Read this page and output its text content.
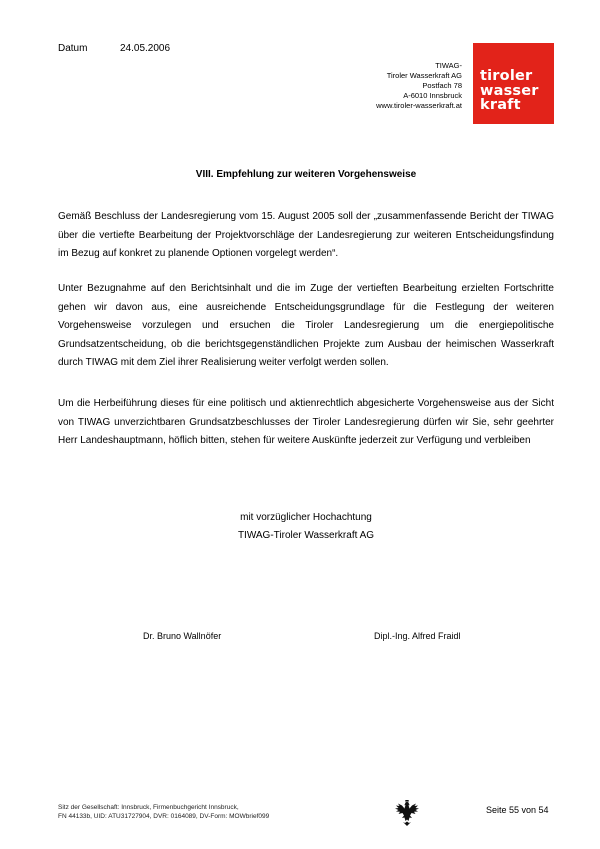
Datum	24.05.2006
TIWAG-
Tiroler Wasserkraft AG
Postfach 78
A-6010 Innsbruck
www.tiroler-wasserkraft.at
tiroler
wasser
kraft
VIII. Empfehlung zur weiteren Vorgehensweise
Gemäß Beschluss der Landesregierung vom 15. August 2005 soll der „zusammenfassende Bericht der TIWAG über die vertiefte Bearbeitung der Projektvorschläge der Landesregierung zur weiteren Entscheidungsfindung im Bezug auf konkret zu planende Optionen vorgelegt werden“.
Unter Bezugnahme auf den Berichtsinhalt und die im Zuge der vertieften Bearbeitung erzielten Fortschritte gehen wir davon aus, eine ausreichende Entscheidungsgrundlage für die Festlegung der weiteren Vorgehensweise vorzulegen und ersuchen die Tiroler Landesregierung um die energiepolitische Grundsatzentscheidung, ob die berichtsgegenständlichen Projekte zum Ausbau der heimischen Wasserkraft durch TIWAG mit dem Ziel ihrer Realisierung weiter verfolgt werden sollen.
Um die Herbeiführung dieses für eine politisch und aktienrechtlich abgesicherte Vorgehensweise aus der Sicht von TIWAG unverzichtbaren Grundsatzbeschlusses der Tiroler Landesregierung dürfen wir Sie, sehr geehrter Herr Landeshauptmann, höflich bitten, stehen für weitere Auskünfte jederzeit zur Verfügung und verbleiben
mit vorzüglicher Hochachtung
TIWAG-Tiroler Wasserkraft AG
Dr. Bruno Wallnöfer	Dipl.-Ing. Alfred Fraidl
Sitz der Gesellschaft: Innsbruck, Firmenbuchgericht Innsbruck,
FN 44133b, UID: ATU31727904, DVR: 0164089, DV-Form: MOWbrief099
Seite 55 von 54
